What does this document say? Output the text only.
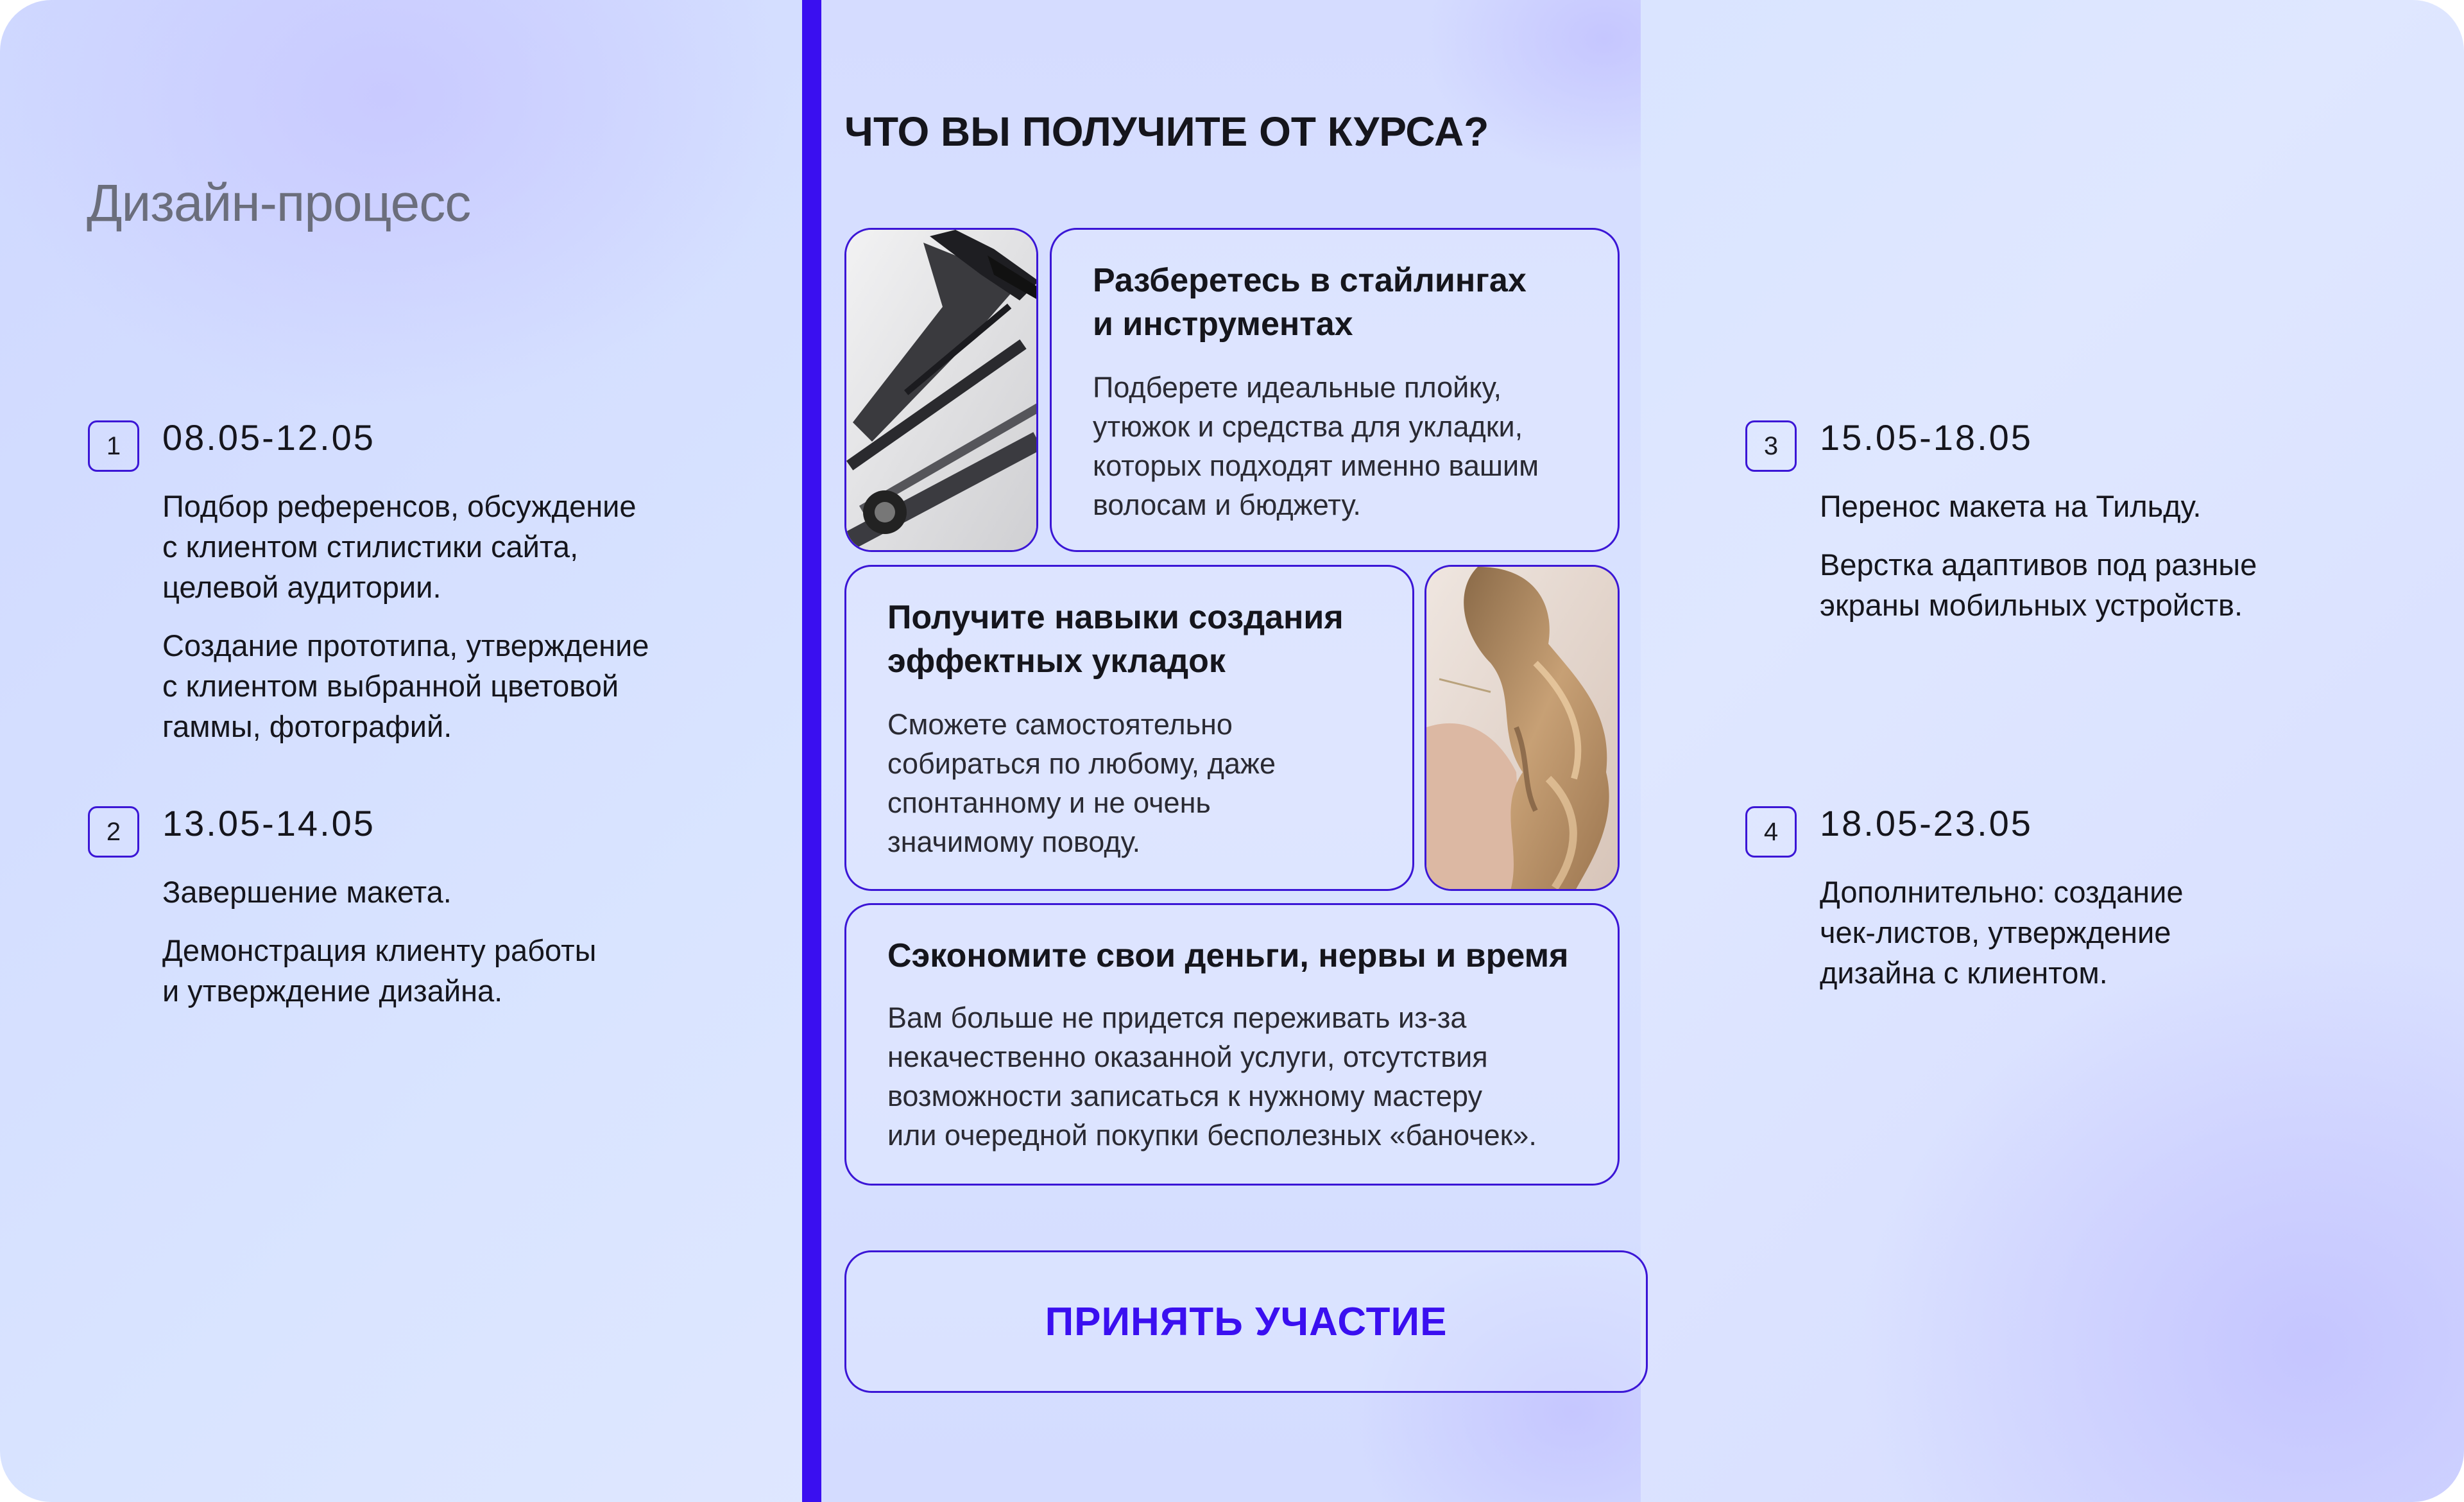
Дизайн-процесс
1	08.05-12.05

Подбор референсов, обсуждение
с клиентом стилистики сайта,
целевой аудитории.

Создание прототипа, утверждение
с клиентом выбранной цветовой
гаммы, фотографий.

2	13.05-14.05

Завершение макета.

Демонстрация клиенту работы
и утверждение дизайна.

3	15.05-18.05

Перенос макета на Тильду.

Верстка адаптивов под разные
экраны мобильных устройств.

4	18.05-23.05

Дополнительно: создание
чек-листов, утверждение
дизайна с клиентом.

ЧТО ВЫ ПОЛУЧИТЕ ОТ КУРСА?
Разберетесь в стайлингах
и инструментах
Подберете идеальные плойку,
утюжок и средства для укладки,
которых подходят именно вашим
волосам и бюджету.
Получите навыки создания
эффектных укладок
Сможете самостоятельно
собираться по любому, даже
спонтанному и не очень
значимому поводу.
Сэкономите свои деньги, нервы и время
Вам больше не придется переживать из-за
некачественно оказанной услуги, отсутствия
возможности записаться к нужному мастеру
или очередной покупки бесполезных «баночек».
ПРИНЯТЬ УЧАСТИЕ
